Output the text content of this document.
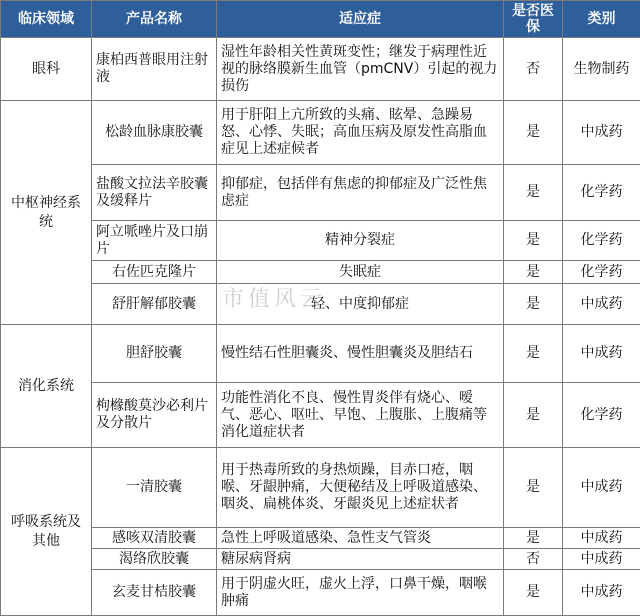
临床领域	产品名称	适应症	是否医保	类别
眼科	康柏西普眼用注射液	湿性年龄相关性黄斑变性；继发于病理性近视的脉络膜新生血管（pmCNV）引起的视力损伤	否	生物制药
中枢神经系统	松龄血脉康胶囊	用于肝阳上亢所致的头痛、眩晕、急躁易怒、心悸、失眠；高血压病及原发性高脂血症见上述症候者	是	中成药
	盐酸文拉法辛胶囊及缓释片	抑郁症，包括伴有焦虑的抑郁症及广泛性焦虑症	是	化学药
	阿立哌唑片及口崩片	精神分裂症	是	化学药
	右佐匹克隆片	失眠症	是	化学药
	舒肝解郁胶囊	轻、中度抑郁症	是	中成药
消化系统	胆舒胶囊	慢性结石性胆囊炎、慢性胆囊炎及胆结石	是	中成药
	枸橼酸莫沙必利片及分散片	功能性消化不良、慢性胃炎伴有烧心、嗳气、恶心、呕吐、早饱、上腹胀、上腹痛等消化道症状者	是	化学药
呼吸系统及其他	一清胶囊	用于热毒所致的身热烦躁，目赤口疮，咽喉、牙龈肿痛，大便秘结及上呼吸道感染、咽炎、扁桃体炎、牙龈炎见上述症状者	是	中成药
	感咳双清胶囊	急性上呼吸道感染、急性支气管炎	是	中成药
	渴络欣胶囊	糖尿病肾病	否	中成药
	玄麦甘桔胶囊	用于阴虚火旺，虚火上浮，口鼻干燥，咽喉肿痛	是	中成药
市值风云
